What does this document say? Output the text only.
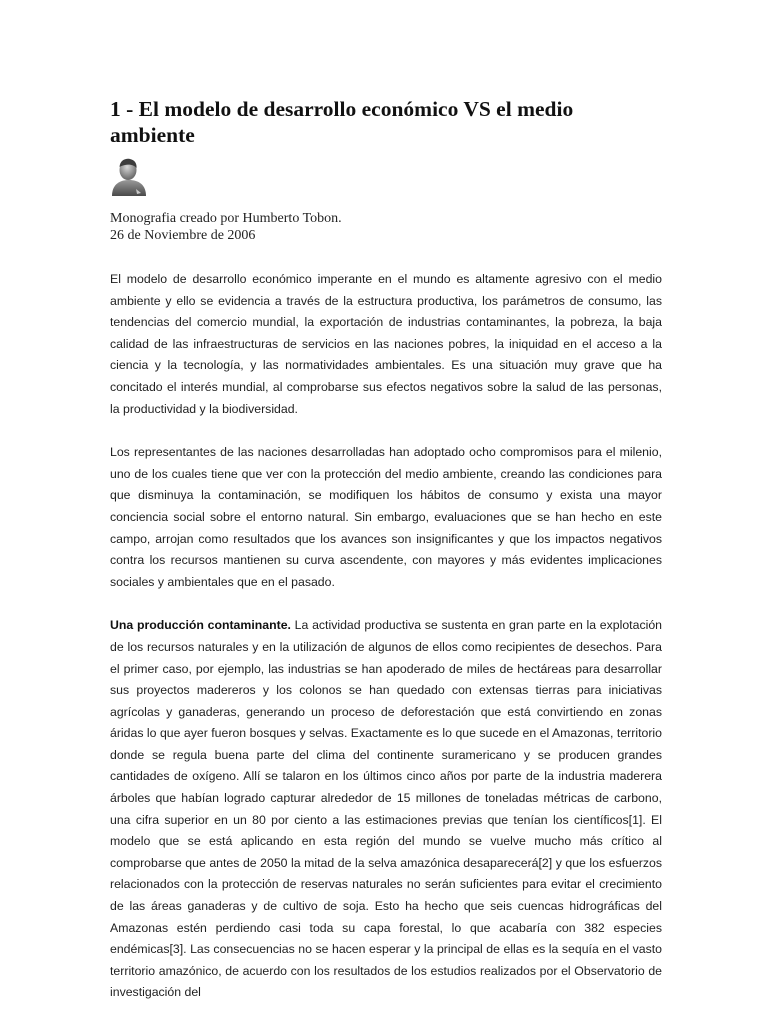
1 - El modelo de desarrollo económico VS el medio ambiente
Monografia creado por Humberto Tobon.
26 de Noviembre de 2006

El modelo de desarrollo económico imperante en el mundo es altamente agresivo con el medio ambiente y ello se evidencia a través de la estructura productiva, los parámetros de consumo, las tendencias del comercio mundial, la exportación de industrias contaminantes, la pobreza, la baja calidad de las infraestructuras de servicios en las naciones pobres, la iniquidad en el acceso a la ciencia y la tecnología, y las normatividades ambientales. Es una situación muy grave que ha concitado el interés mundial, al comprobarse sus efectos negativos sobre la salud de las personas, la productividad y la biodiversidad.

Los representantes de las naciones desarrolladas han adoptado ocho compromisos para el milenio, uno de los cuales tiene que ver con la protección del medio ambiente, creando las condiciones para que disminuya la contaminación, se modifiquen los hábitos de consumo y exista una mayor conciencia social sobre el entorno natural. Sin embargo, evaluaciones que se han hecho en este campo, arrojan como resultados que los avances son insignificantes y que los impactos negativos contra los recursos mantienen su curva ascendente, con mayores y más evidentes implicaciones sociales y ambientales que en el pasado.

Una producción contaminante. La actividad productiva se sustenta en gran parte en la explotación de los recursos naturales y en la utilización de algunos de ellos como recipientes de desechos. Para el primer caso, por ejemplo, las industrias se han apoderado de miles de hectáreas para desarrollar sus proyectos madereros y los colonos se han quedado con extensas tierras para iniciativas agrícolas y ganaderas, generando un proceso de deforestación que está convirtiendo en zonas áridas lo que ayer fueron bosques y selvas. Exactamente es lo que sucede en el Amazonas, territorio donde se regula buena parte del clima del continente suramericano y se producen grandes cantidades de oxígeno. Allí se talaron en los últimos cinco años por parte de la industria maderera árboles que habían logrado capturar alrededor de 15 millones de toneladas métricas de carbono, una cifra superior en un 80 por ciento a las estimaciones previas que tenían los científicos[1]. El modelo que se está aplicando en esta región del mundo se vuelve mucho más crítico al comprobarse que antes de 2050 la mitad de la selva amazónica desaparecerá[2] y que los esfuerzos relacionados con la protección de reservas naturales no serán suficientes para evitar el crecimiento de las áreas ganaderas y de cultivo de soja. Esto ha hecho que seis cuencas hidrográficas del Amazonas estén perdiendo casi toda su capa forestal, lo que acabaría con 382 especies endémicas[3]. Las consecuencias no se hacen esperar y la principal de ellas es la sequía en el vasto territorio amazónico, de acuerdo con los resultados de los estudios realizados por el Observatorio de investigación del
